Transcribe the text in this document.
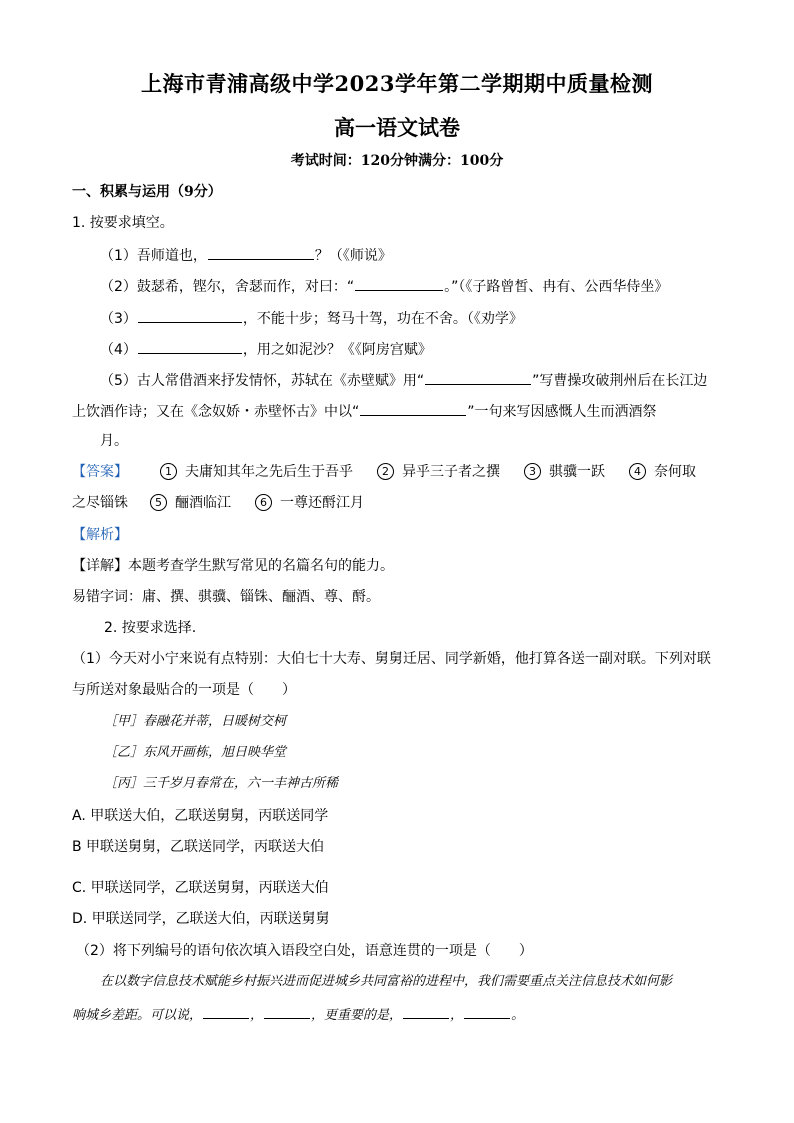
上海市青浦高级中学2023学年第二学期期中质量检测
高一语文试卷
考试时间：120分钟满分：100分
一、积累与运用（9分）
1. 按要求填空。
（1）吾师道也，	？（《师说》
（2）鼓瑟希，铿尔，舍瑟而作，对曰：“	。”（《子路曾皙、冉有、公西华侍坐》
（3）	，不能十步；驽马十驾，功在不舍。（《劝学》
（4）	，用之如泥沙？《《阿房宫赋》
（5）古人常借酒来抒发情怀，苏轼在《赤壁赋》用“	”写曹操攻破荆州后在长江边
上饮酒作诗；又在《念奴娇・赤壁怀古》中以“	”一句来写因感慨人生而洒酒祭
月。
【答案】	1 夫庸知其年之先后生于吾乎	2 异乎三子者之撰	3 骐骥一跃	4 奈何取
之尽锱铢 5 酾酒临江	6 一尊还酹江月
【解析】
【详解】本题考查学生默写常见的名篇名句的能力。
易错字词：庸、撰、骐骥、锱铢、酾酒、尊、酹。
2. 按要求选择.
（1）今天对小宁来说有点特别：大伯七十大寿、舅舅迁居、同学新婚，他打算各送一副对联。下列对联
与所送对象最贴合的一项是（　　）
［甲］春融花并蒂，日暖树交柯
［乙］东风开画栋，旭日映华堂
［丙］三千岁月春常在，六一丰神古所稀
A. 甲联送大伯，乙联送舅舅，丙联送同学
B 甲联送舅舅，乙联送同学，丙联送大伯
C. 甲联送同学，乙联送舅舅，丙联送大伯
D. 甲联送同学，乙联送大伯，丙联送舅舅
（2）将下列编号的语句依次填入语段空白处，语意连贯的一项是（　　）
在以数字信息技术赋能乡村振兴进而促进城乡共同富裕的进程中，我们需要重点关注信息技术如何影
响城乡差距。可以说，	，	，更重要的是，	，	。
